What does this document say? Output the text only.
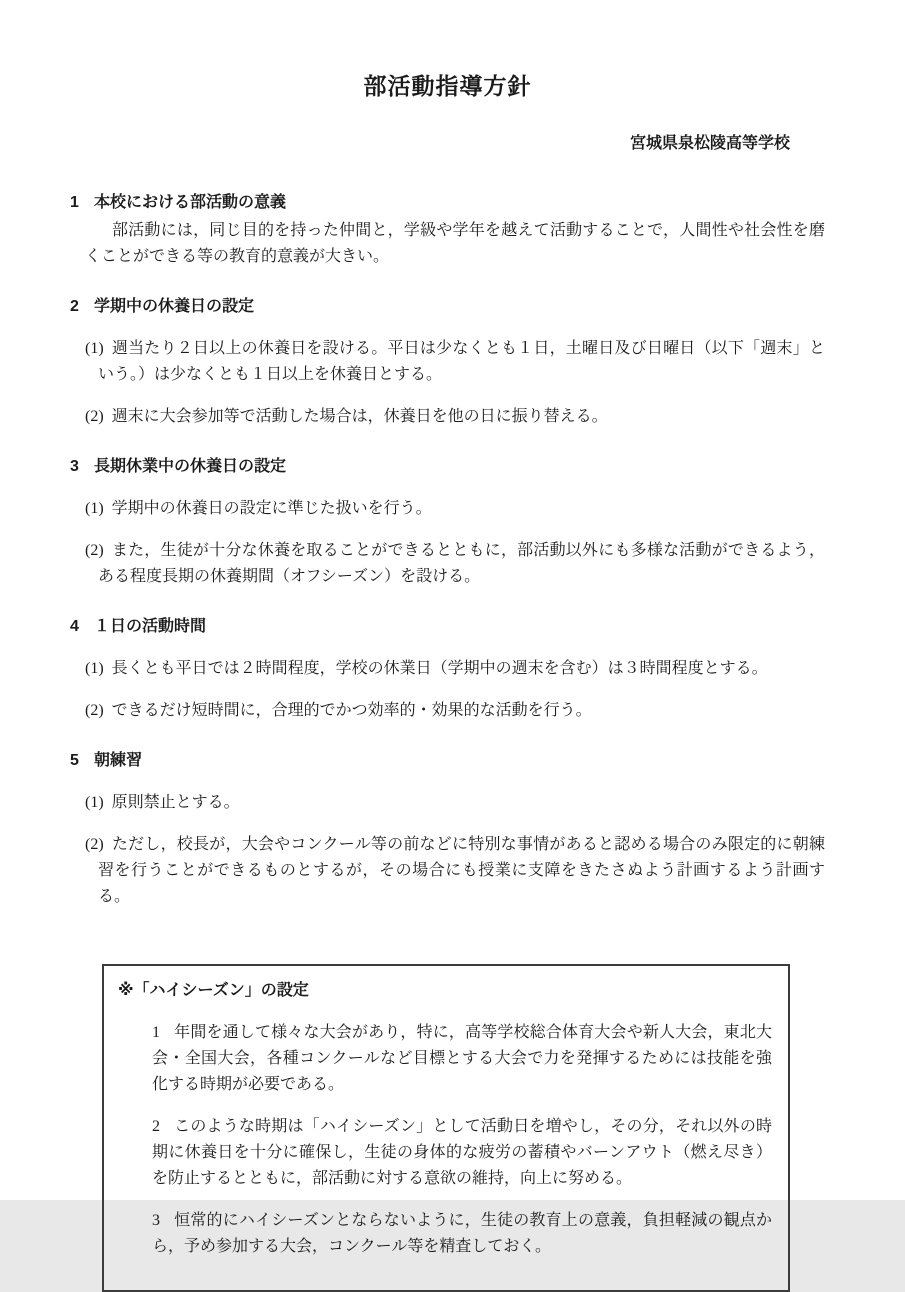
部活動指導方針
宮城県泉松陵高等学校
1 本校における部活動の意義

部活動には，同じ目的を持った仲間と，学級や学年を越えて活動することで，人間性や社会性を磨くことができる等の教育的意義が大きい。

2 学期中の休養日の設定

(1) 週当たり２日以上の休養日を設ける。平日は少なくとも１日，土曜日及び日曜日（以下「週末」という。）は少なくとも１日以上を休養日とする。

(2) 週末に大会参加等で活動した場合は，休養日を他の日に振り替える。

3 長期休業中の休養日の設定

(1) 学期中の休養日の設定に準じた扱いを行う。

(2) また，生徒が十分な休養を取ることができるとともに，部活動以外にも多様な活動ができるよう，ある程度長期の休養期間（オフシーズン）を設ける。

4 １日の活動時間

(1) 長くとも平日では２時間程度，学校の休業日（学期中の週末を含む）は３時間程度とする。

(2) できるだけ短時間に，合理的でかつ効率的・効果的な活動を行う。

5 朝練習

(1) 原則禁止とする。

(2) ただし，校長が，大会やコンクール等の前などに特別な事情があると認める場合のみ限定的に朝練習を行うことができるものとするが，その場合にも授業に支障をきたさぬよう計画するよう計画する。

※「ハイシーズン」の設定

1 年間を通して様々な大会があり，特に，高等学校総合体育大会や新人大会，東北大会・全国大会，各種コンクールなど目標とする大会で力を発揮するためには技能を強化する時期が必要である。

2 このような時期は「ハイシーズン」として活動日を増やし，その分，それ以外の時期に休養日を十分に確保し，生徒の身体的な疲労の蓄積やバーンアウト（燃え尽き）を防止するとともに，部活動に対する意欲の維持，向上に努める。

3 恒常的にハイシーズンとならないように，生徒の教育上の意義，負担軽減の観点から，予め参加する大会，コンクール等を精査しておく。
